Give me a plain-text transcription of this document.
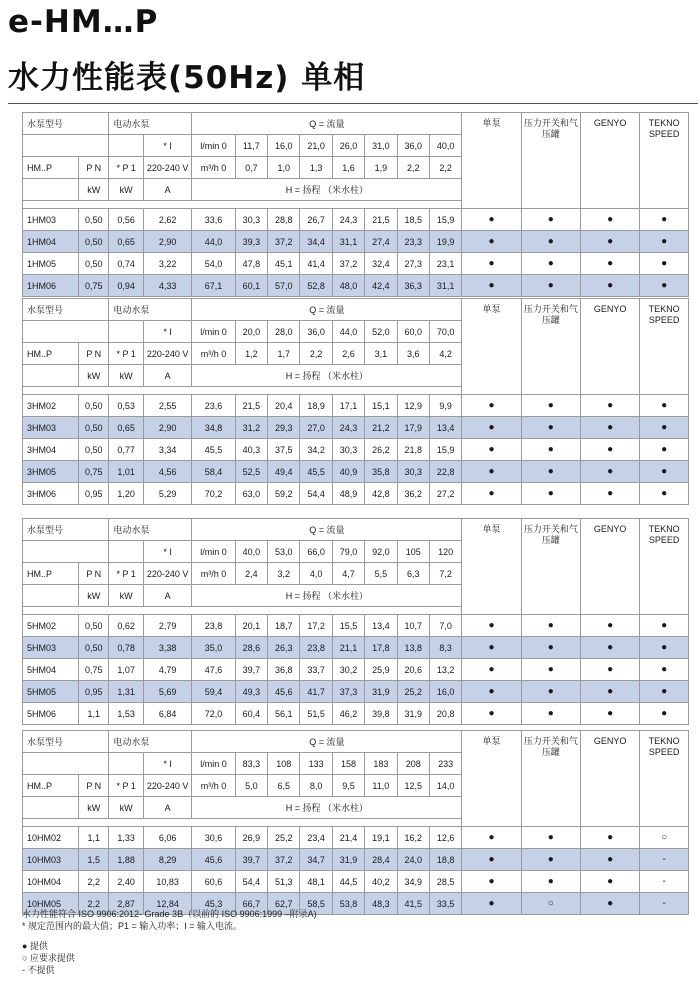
e-HM…P
水力性能表(50Hz) 单相
水泵型号		电动水泵		Q = 流量								单泵	压力开关和气压罐	GENYO	TEKNO SPEED
			* I	l/min 0	11,7	16,0	21,0	26,0	31,0	36,0	40,0				
HM..P	P N	* P 1	220-240 V	m³/h 0	0,7	1,0	1,3	1,6	1,9	2,2	2,2				
	kW	kW	A	H = 扬程 （米水柱）											

1HM03	0,50	0,56	2,62	33,6	30,3	28,8	26,7	24,3	21,5	18,5	15,9	●	●	●	●
1HM04	0,50	0,65	2,90	44,0	39,3	37,2	34,4	31,1	27,4	23,3	19,9	●	●	●	●
1HM05	0,50	0,74	3,22	54,0	47,8	45,1	41,4	37,2	32,4	27,3	23,1	●	●	●	●
1HM06	0,75	0,94	4,33	67,1	60,1	57,0	52,8	48,0	42,4	36,3	31,1	●	●	●	●
水泵型号		电动水泵		Q = 流量								单泵	压力开关和气压罐	GENYO	TEKNO SPEED
			* I	l/min 0	20,0	28,0	36,0	44,0	52,0	60,0	70,0				
HM..P	P N	* P 1	220-240 V	m³/h 0	1,2	1,7	2,2	2,6	3,1	3,6	4,2				
	kW	kW	A	H = 扬程 （米水柱）											

3HM02	0,50	0,53	2,55	23,6	21,5	20,4	18,9	17,1	15,1	12,9	9,9	●	●	●	●
3HM03	0,50	0,65	2,90	34,8	31,2	29,3	27,0	24,3	21,2	17,9	13,4	●	●	●	●
3HM04	0,50	0,77	3,34	45,5	40,3	37,5	34,2	30,3	26,2	21,8	15,9	●	●	●	●
3HM05	0,75	1,01	4,56	58,4	52,5	49,4	45,5	40,9	35,8	30,3	22,8	●	●	●	●
3HM06	0,95	1,20	5,29	70,2	63,0	59,2	54,4	48,9	42,8	36,2	27,2	●	●	●	●
水泵型号		电动水泵		Q = 流量								单泵	压力开关和气压罐	GENYO	TEKNO SPEED
			* I	l/min 0	40,0	53,0	66,0	79,0	92,0	105	120				
HM..P	P N	* P 1	220-240 V	m³/h 0	2,4	3,2	4,0	4,7	5,5	6,3	7,2				
	kW	kW	A	H = 扬程 （米水柱）											

5HM02	0,50	0,62	2,79	23,8	20,1	18,7	17,2	15,5	13,4	10,7	7,0	●	●	●	●
5HM03	0,50	0,78	3,38	35,0	28,6	26,3	23,8	21,1	17,8	13,8	8,3	●	●	●	●
5HM04	0,75	1,07	4,79	47,6	39,7	36,8	33,7	30,2	25,9	20,6	13,2	●	●	●	●
5HM05	0,95	1,31	5,69	59,4	49,3	45,6	41,7	37,3	31,9	25,2	16,0	●	●	●	●
5HM06	1,1	1,53	6,84	72,0	60,4	56,1	51,5	46,2	39,8	31,9	20,8	●	●	●	●
水泵型号		电动水泵		Q = 流量								单泵	压力开关和气压罐	GENYO	TEKNO SPEED
			* I	l/min 0	83,3	108	133	158	183	208	233				
HM..P	P N	* P 1	220-240 V	m³/h 0	5,0	6,5	8,0	9,5	11,0	12,5	14,0				
	kW	kW	A	H = 扬程 （米水柱）											

10HM02	1,1	1,33	6,06	30,6	26,9	25,2	23,4	21,4	19,1	16,2	12,6	●	●	●	○
10HM03	1,5	1,88	8,29	45,6	39,7	37,2	34,7	31,9	28,4	24,0	18,8	●	●	●	-
10HM04	2,2	2,40	10,83	60,6	54,4	51,3	48,1	44,5	40,2	34,9	28,5	●	●	●	-
10HM05	2,2	2,87	12,84	45,3	66,7	62,7	58,5	53,8	48,3	41,5	33,5	●	○	●	-

水力性能符合 ISO 9906:2012- Grade 3B（以前的 ISO 9906:1999 –附录A)

* 规定范围内的最大值；P1 = 输入功率；I = 输入电流。

● 提供

○ 应要求提供

- 不提供
